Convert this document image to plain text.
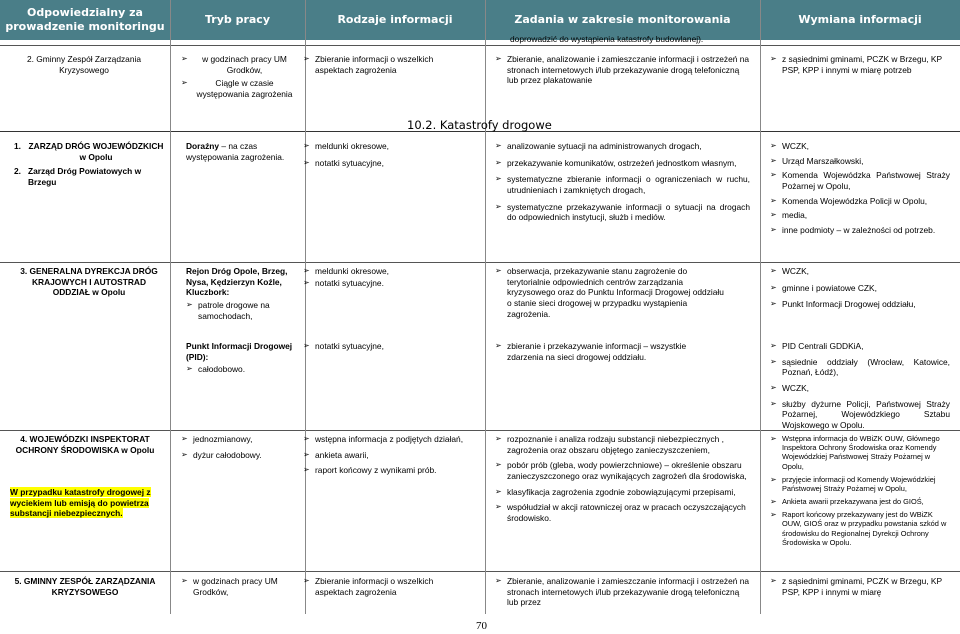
Odpowiedzialny za prowadzenie monitoringu
Tryb pracy	Rodzaje informacji	Zadania w zakresie monitorowania	Wymiana informacji
doprowadzić do wystąpienia katastrofy budowlanej).
2. Gminny Zespół Zarządzania Kryzysowego
➢ w godzinach pracy UM Grodków,
➢ Ciągle w czasie występowania zagrożenia
➢ Zbieranie informacji o wszelkich aspektach zagrożenia
➢ Zbieranie, analizowanie i zamieszczanie informacji i ostrzeżeń na stronach internetowych i/lub przekazywanie drogą telefoniczną lub przez plakatowanie
➢ z sąsiednimi gminami, PCZK w Brzegu, KP PSP, KPP i innymi w miarę potrzeb
10.2. Katastrofy drogowe
1. ZARZĄD DRÓG WOJEWÓDZKICH w Opolu
2. Zarząd Dróg Powiatowych w Brzegu
Doraźny – na czas występowania zagrożenia.
➢ meldunki okresowe,
➢ notatki sytuacyjne,
➢ analizowanie sytuacji na administrowanych drogach,
➢ przekazywanie komunikatów, ostrzeżeń jednostkom własnym,
➢ systematyczne zbieranie informacji o ograniczeniach w ruchu, utrudnieniach i zamkniętych drogach,
➢ systematyczne przekazywanie informacji o sytuacji na drogach do odpowiednich instytucji, służb i mediów.
➢ WCZK,
➢ Urząd Marszałkowski,
➢ Komenda Wojewódzka Państwowej Straży Pożarnej w Opolu,
➢ Komenda Wojewódzka Policji w Opolu,
➢ media,
➢ inne podmioty – w zależności od potrzeb.
3. GENERALNA DYREKCJA DRÓG KRAJOWYCH I AUTOSTRAD ODDZIAŁ w Opolu
Rejon Dróg Opole, Brzeg, Nysa, Kędzierzyn Koźle, Kluczbork:
➢ patrole drogowe na samochodach,
➢ meldunki okresowe,
➢ notatki sytuacyjne.
➢ obserwacja, przekazywanie stanu zagrożenie do terytorialnie odpowiednich centrów zarządzania kryzysowego oraz do Punktu Informacji Drogowej oddziału o stanie sieci drogowej w przypadku wystąpienia zagrożenia.
➢ WCZK,
➢ gminne i powiatowe CZK,
➢ Punkt Informacji Drogowej oddziału,
Punkt Informacji Drogowej (PID):
➢ całodobowo.
➢ notatki sytuacyjne,
➢	zbieranie i przekazywanie informacji – wszystkie zdarzenia na sieci drogowej oddziału.
➢ PID Centrali GDDKiA,
➢ sąsiednie oddziały (Wrocław, Katowice, Poznań, Łódź),
➢ WCZK,
➢ służby dyżurne Policji, Państwowej Straży Pożarnej, Wojewódzkiego Sztabu Wojskowego w Opolu.
4. WOJEWÓDZKI INSPEKTORAT OCHRONY ŚRODOWISKA w Opolu
W przypadku katastrofy drogowej z wyciekiem lub emisją do powietrza substancji niebezpiecznych.
➢ jednozmianowy,
➢ dyżur całodobowy.
➢ wstępna informacja z podjętych działań,
➢ ankieta awarii,
➢ raport końcowy z wynikami prób.
➢ rozpoznanie i analiza rodzaju substancji niebezpiecznych , zagrożenia oraz obszaru objętego zanieczyszczeniem,
➢ pobór prób (gleba, wody powierzchniowe) – określenie obszaru zanieczyszczonego oraz wynikających zagrożeń dla środowiska,
➢ klasyfikacja zagrożenia zgodnie zobowiązującymi przepisami,
➢ współudział w akcji ratowniczej oraz w pracach oczyszczających środowisko.
➢ Wstępna informacja do WBiZK OUW, Głównego Inspektora Ochrony Środowiska oraz Komendy Wojewódzkiej Państwowej Straży Pożarnej w Opolu,
➢ przyjęcie informacji od Komendy Wojewódzkiej Państwowej Straży Pożarnej w Opolu,
➢ Ankieta awarii przekazywana jest do GIOŚ,
➢ Raport końcowy przekazywany jest do WBiZK OUW, GIOŚ oraz w przypadku powstania szkód w środowisku do Regionalnej Dyrekcji Ochrony Środowiska w Opolu.
5. GMINNY ZESPÓŁ ZARZĄDZANIA KRYZYSOWEGO
➢ w godzinach pracy UM Grodków,
➢ Zbieranie informacji o wszelkich aspektach zagrożenia
➢ Zbieranie, analizowanie i zamieszczanie informacji i ostrzeżeń na stronach internetowych i/lub przekazywanie drogą telefoniczną lub przez
➢ z sąsiednimi gminami, PCZK w Brzegu, KP PSP, KPP i innymi w miarę
70
